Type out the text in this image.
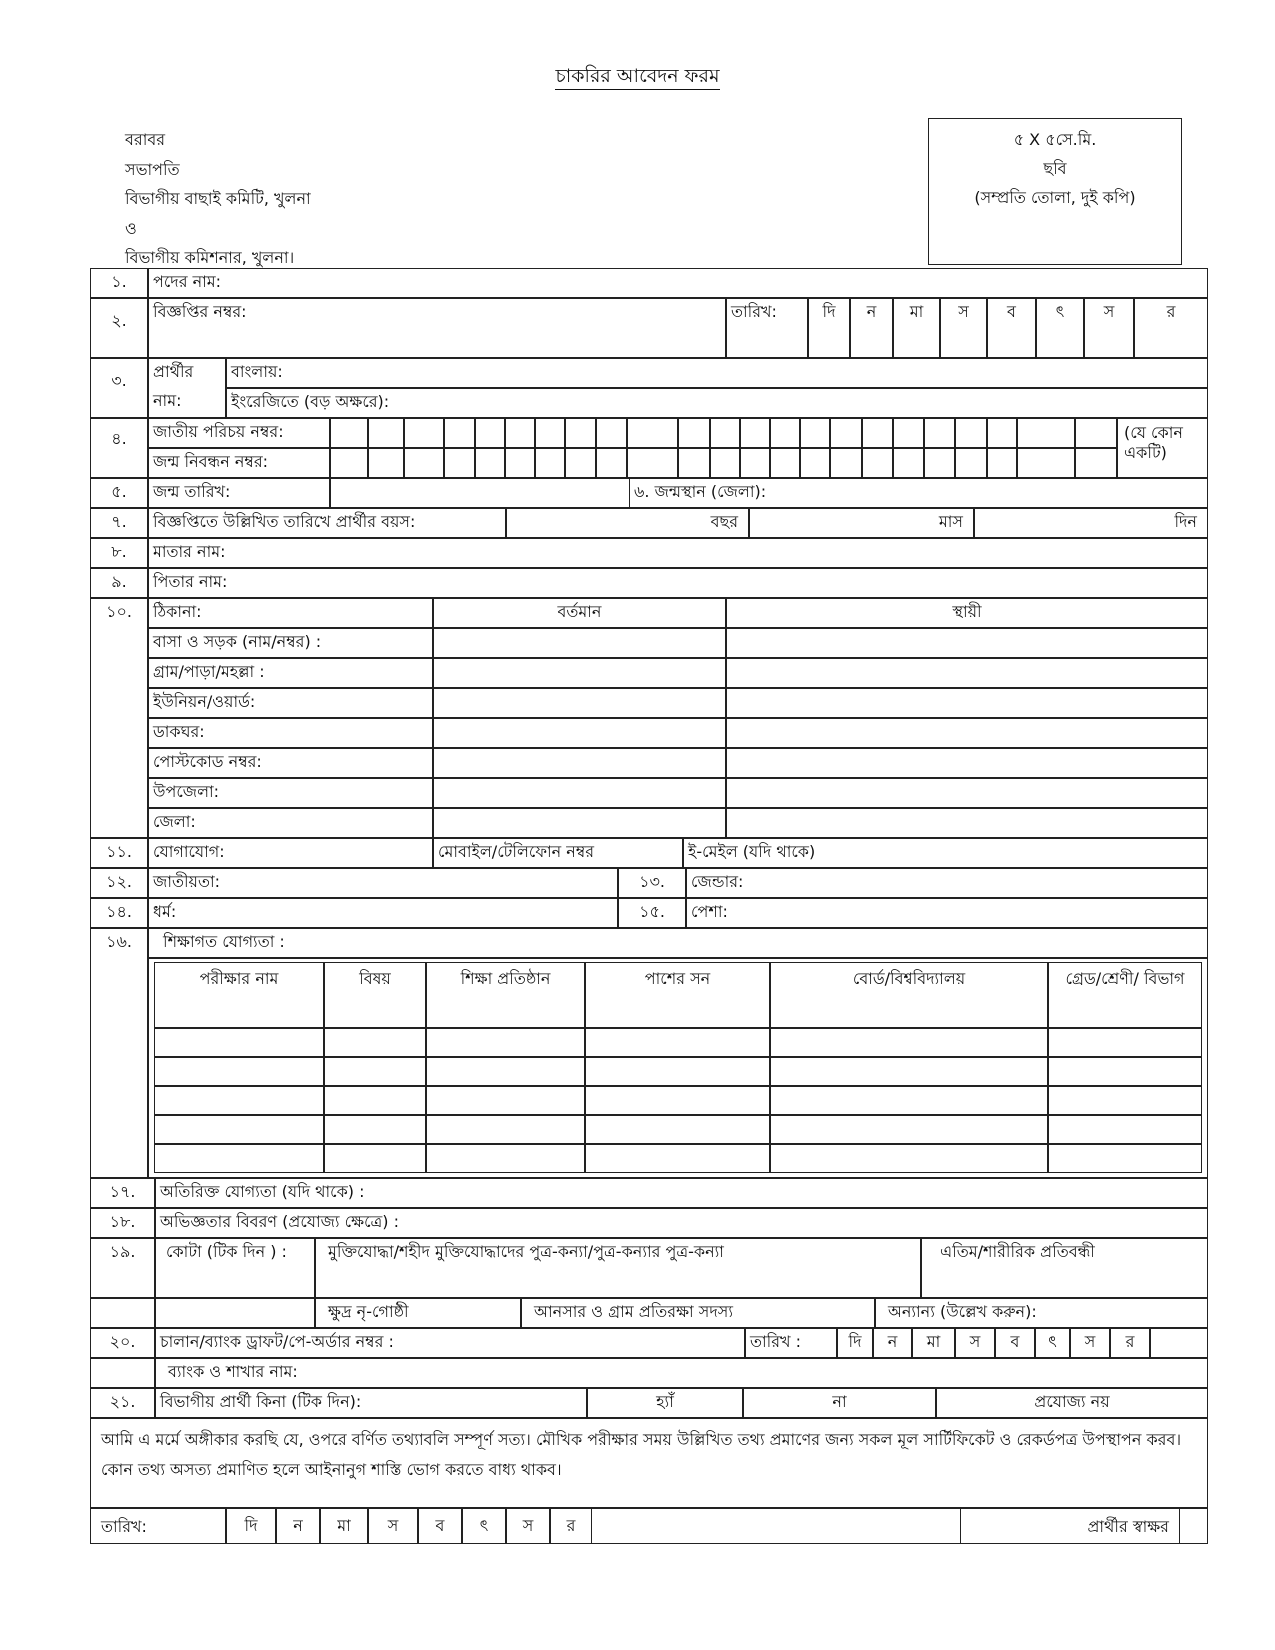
চাকরির আবেদন ফরম
বরাবর
সভাপতি
বিভাগীয় বাছাই কমিটি, খুলনা
ও
বিভাগীয় কমিশনার, খুলনা।
৫ X ৫সে.মি.
ছবি
(সম্প্রতি তোলা, দুই কপি)
১.	পদের নাম:
২.	বিজ্ঞপ্তির নম্বর:	তারিখ:	দি	ন	মা	স	ব	ৎ	স	র
৩.	প্রার্থীর
নাম:
বাংলায়:
ইংরেজিতে (বড় অক্ষরে):
৪.	জাতীয় পরিচয় নম্বর:
জন্ম নিবন্ধন নম্বর:
(যে কোন একটি)
৫.	জন্ম তারিখ:	৬. জন্মস্থান (জেলা):
৭.	বিজ্ঞপ্তিতে উল্লিখিত তারিখে প্রার্থীর বয়স:	বছর	মাস	দিন
৮.	মাতার নাম:
৯.	পিতার নাম:
১০.	ঠিকানা:	বর্তমান	স্থায়ী
বাসা ও সড়ক (নাম/নম্বর) :
গ্রাম/পাড়া/মহল্লা :
ইউনিয়ন/ওয়ার্ড:
ডাকঘর:
পোস্টকোড নম্বর:
উপজেলা:
জেলা:
১১.	যোগাযোগ:	মোবাইল/টেলিফোন নম্বর	ই-মেইল (যদি থাকে)
১২.	জাতীয়তা:	১৩.	জেন্ডার:
১৪.	ধর্ম:	১৫.	পেশা:
১৬.	শিক্ষাগত যোগ্যতা :
পরীক্ষার নাম	বিষয়	শিক্ষা প্রতিষ্ঠান	পাশের সন	বোর্ড/বিশ্ববিদ্যালয়	গ্রেড/শ্রেণী/ বিভাগ
১৭.	অতিরিক্ত যোগ্যতা (যদি থাকে) :
১৮.	অভিজ্ঞতার বিবরণ (প্রযোজ্য ক্ষেত্রে) :
১৯.	কোটা (টিক দিন ) :	মুক্তিযোদ্ধা/শহীদ মুক্তিযোদ্ধাদের পুত্র-কন্যা/পুত্র-কন্যার পুত্র-কন্যা	এতিম/শারীরিক প্রতিবন্ধী
ক্ষুদ্র নৃ-গোষ্ঠী	আনসার ও গ্রাম প্রতিরক্ষা সদস্য	অন্যান্য (উল্লেখ করুন):
২০.	চালান/ব্যাংক ড্রাফট/পে-অর্ডার নম্বর :	তারিখ :	দি	ন	মা	স	ব	ৎ	স	র
ব্যাংক ও শাখার নাম:
২১.	বিভাগীয় প্রার্থী কিনা (টিক দিন):	হ্যাঁ	না	প্রযোজ্য নয়
আমি এ মর্মে অঙ্গীকার করছি যে, ওপরে বর্ণিত তথ্যাবলি সম্পূর্ণ সত্য। মৌখিক পরীক্ষার সময় উল্লিখিত তথ্য প্রমাণের জন্য সকল মূল সার্টিফিকেট ও রেকর্ডপত্র উপস্থাপন করব। কোন তথ্য অসত্য প্রমাণিত হলে আইনানুগ শাস্তি ভোগ করতে বাধ্য থাকব।
তারিখ:	দি	ন	মা	স	ব	ৎ	স	র	প্রার্থীর স্বাক্ষর
